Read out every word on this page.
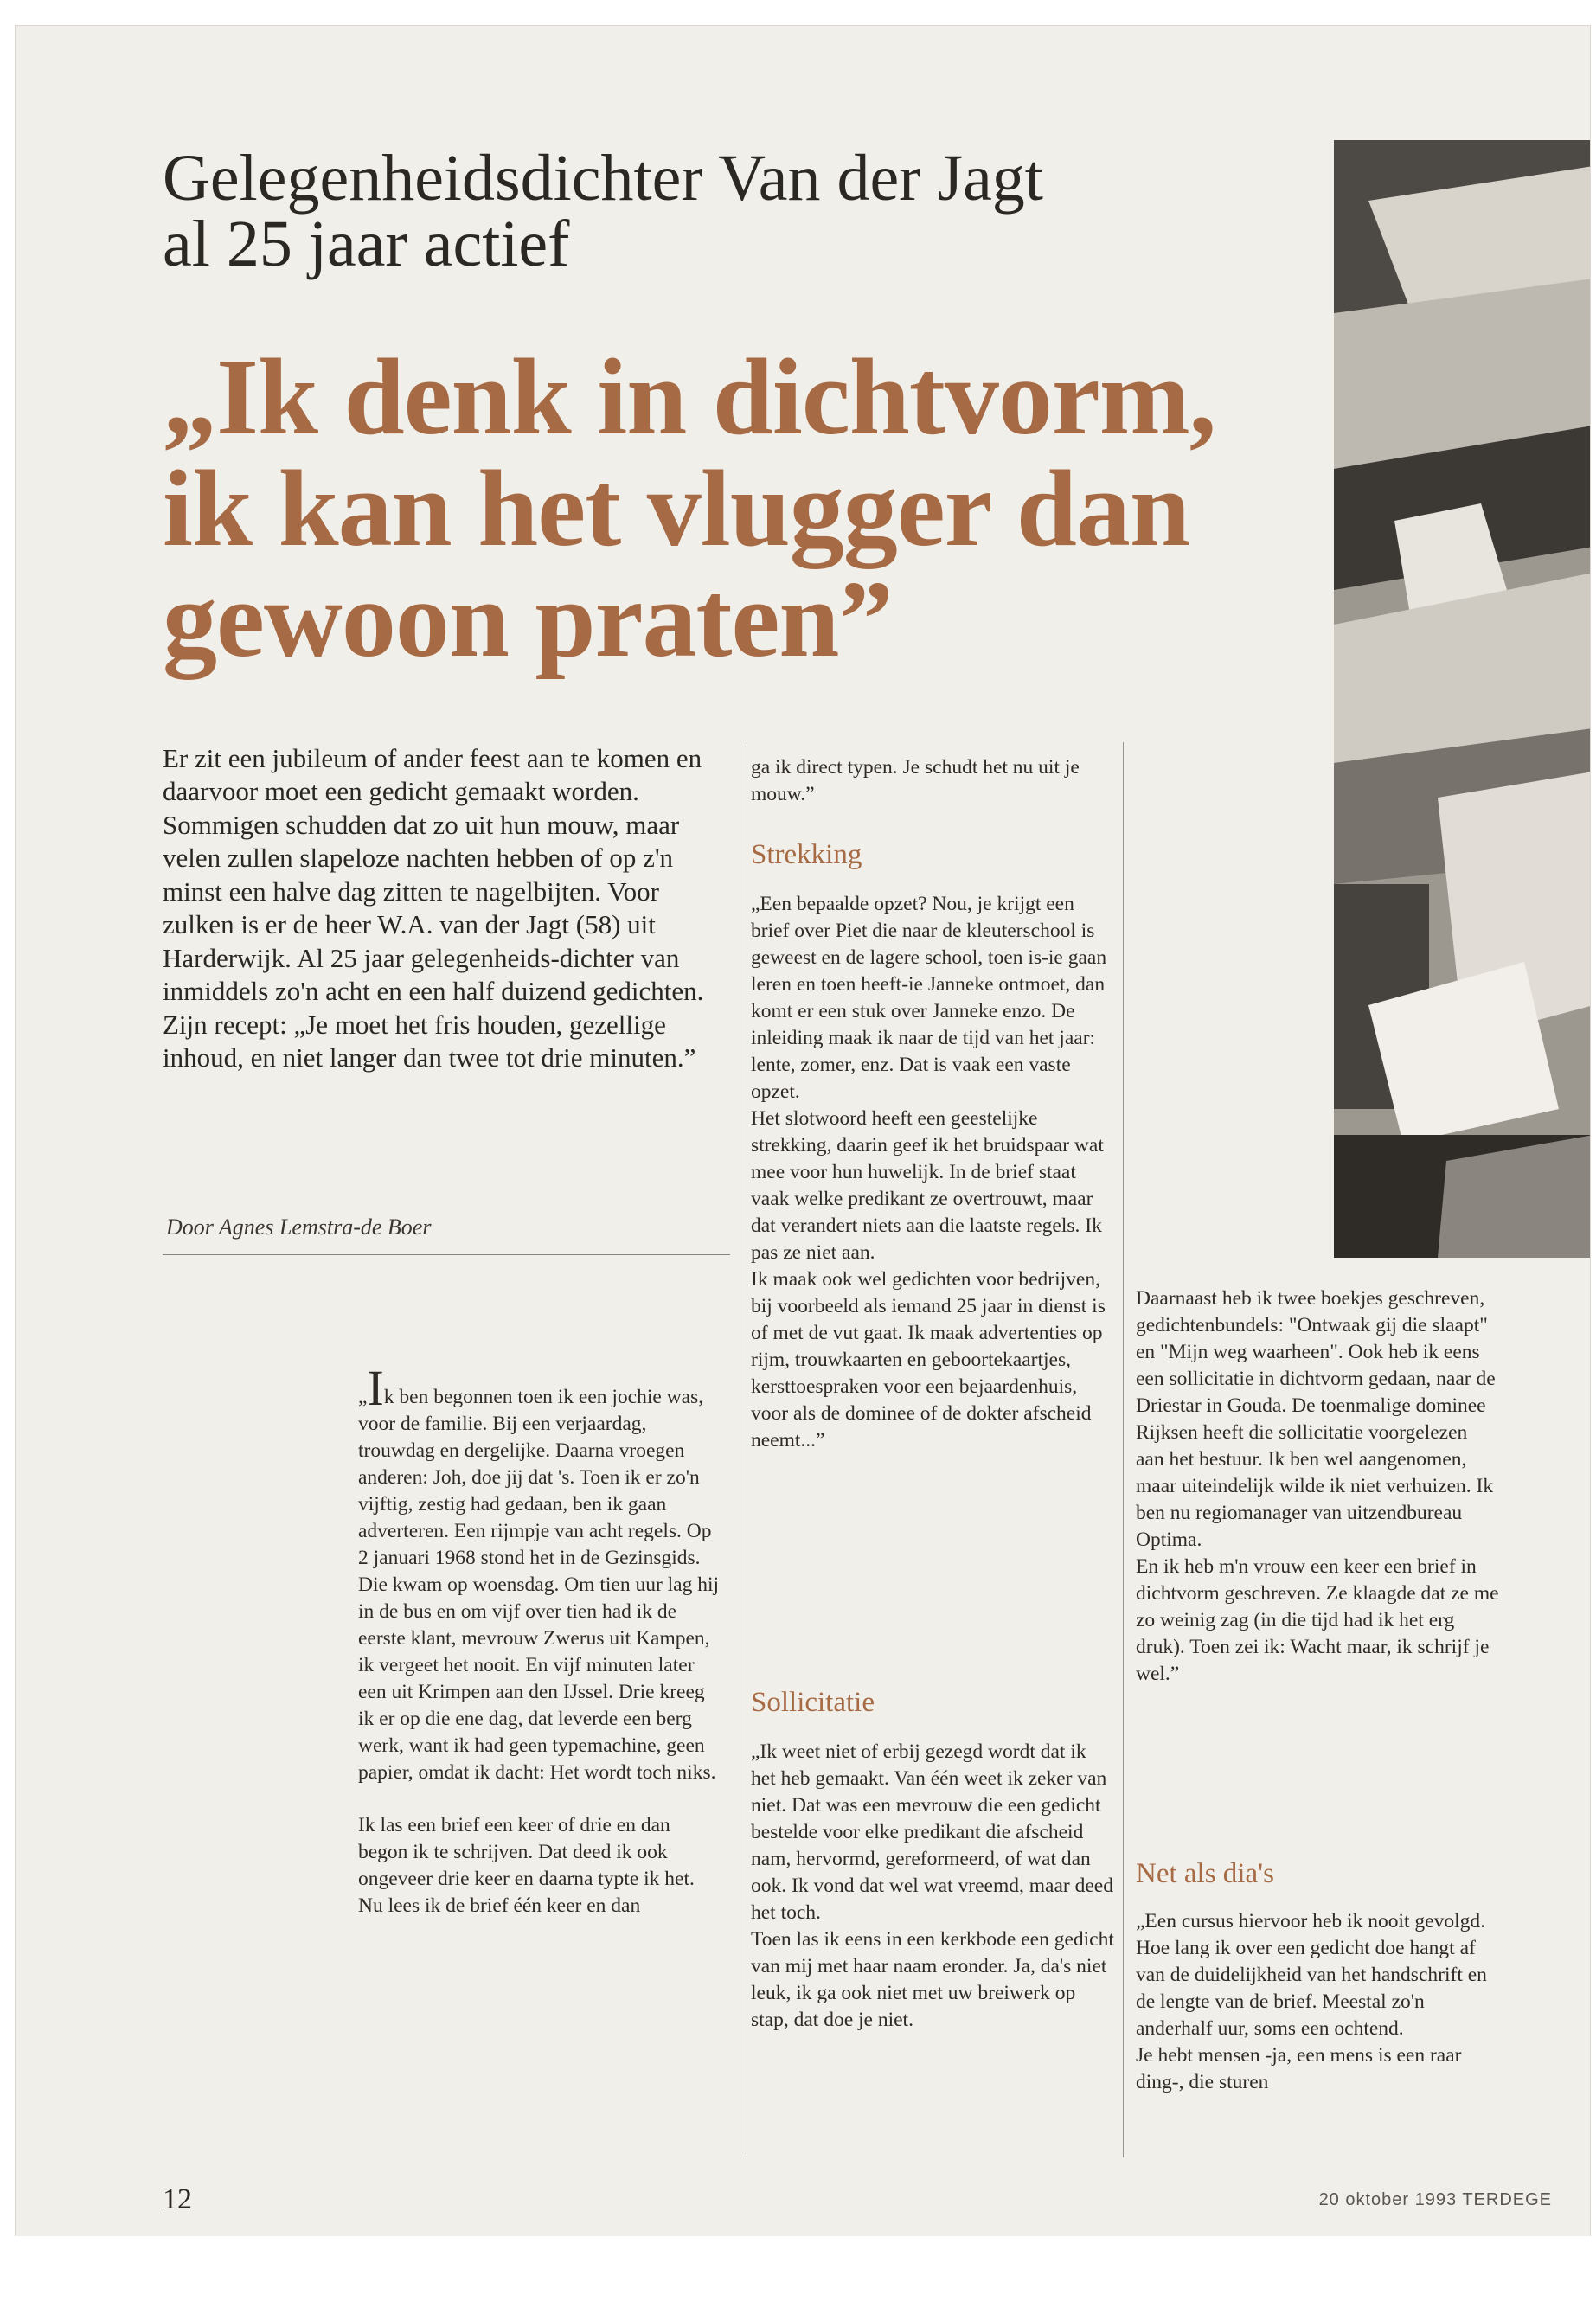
Gelegenheidsdichter Van der Jagt
al 25 jaar actief
„Ik denk in dichtvorm,
ik kan het vlugger dan
gewoon praten”

Er zit een jubileum of ander feest aan te komen en daarvoor moet een gedicht gemaakt worden. Sommigen schudden dat zo uit hun mouw, maar velen zullen slapeloze nachten hebben of op z'n minst een halve dag zitten te nagelbijten. Voor zulken is er de heer W.A. van der Jagt (58) uit Harderwijk. Al 25 jaar gelegenheids-dichter van inmiddels zo'n acht en een half duizend gedichten. Zijn recept: „Je moet het fris houden, gezellige inhoud, en niet langer dan twee tot drie minuten.”

Door Agnes Lemstra-de Boer

„Ik ben begonnen toen ik een jochie was, voor de familie. Bij een verjaardag, trouwdag en dergelijke. Daarna vroegen anderen: Joh, doe jij dat 's. Toen ik er zo'n vijftig, zestig had gedaan, ben ik gaan adverteren. Een rijmpje van acht regels. Op 2 januari 1968 stond het in de Gezinsgids. Die kwam op woensdag. Om tien uur lag hij in de bus en om vijf over tien had ik de eerste klant, mevrouw Zwerus uit Kampen, ik vergeet het nooit. En vijf minuten later een uit Krimpen aan den IJssel. Drie kreeg ik er op die ene dag, dat leverde een berg werk, want ik had geen typemachine, geen papier, omdat ik dacht: Het wordt toch niks.

Ik las een brief een keer of drie en dan begon ik te schrijven. Dat deed ik ook ongeveer drie keer en daarna typte ik het. Nu lees ik de brief één keer en dan

ga ik direct typen. Je schudt het nu uit je mouw.”

Strekking

„Een bepaalde opzet? Nou, je krijgt een brief over Piet die naar de kleuterschool is geweest en de lagere school, toen is-ie gaan leren en toen heeft-ie Janneke ontmoet, dan komt er een stuk over Janneke enzo. De inleiding maak ik naar de tijd van het jaar: lente, zomer, enz. Dat is vaak een vaste opzet.

Het slotwoord heeft een geestelijke strekking, daarin geef ik het bruidspaar wat mee voor hun huwelijk. In de brief staat vaak welke predikant ze overtrouwt, maar dat verandert niets aan die laatste regels. Ik pas ze niet aan.

Ik maak ook wel gedichten voor bedrijven, bij voorbeeld als iemand 25 jaar in dienst is of met de vut gaat. Ik maak advertenties op rijm, trouwkaarten en geboortekaartjes, kersttoespraken voor een bejaardenhuis, voor als de dominee of de dokter afscheid neemt...”

Sollicitatie

„Ik weet niet of erbij gezegd wordt dat ik het heb gemaakt. Van één weet ik zeker van niet. Dat was een mevrouw die een gedicht bestelde voor elke predikant die afscheid nam, hervormd, gereformeerd, of wat dan ook. Ik vond dat wel wat vreemd, maar deed het toch.

Toen las ik eens in een kerkbode een gedicht van mij met haar naam eronder. Ja, da's niet leuk, ik ga ook niet met uw breiwerk op stap, dat doe je niet.

Daarnaast heb ik twee boekjes geschreven, gedichtenbundels: "Ontwaak gij die slaapt" en "Mijn weg waarheen". Ook heb ik eens een sollicitatie in dichtvorm gedaan, naar de Driestar in Gouda. De toenmalige dominee Rijksen heeft die sollicitatie voorgelezen aan het bestuur. Ik ben wel aangenomen, maar uiteindelijk wilde ik niet verhuizen. Ik ben nu regiomanager van uitzendbureau Optima.

En ik heb m'n vrouw een keer een brief in dichtvorm geschreven. Ze klaagde dat ze me zo weinig zag (in die tijd had ik het erg druk). Toen zei ik: Wacht maar, ik schrijf je wel.”

Net als dia's

„Een cursus hiervoor heb ik nooit gevolgd. Hoe lang ik over een gedicht doe hangt af van de duidelijkheid van het handschrift en de lengte van de brief. Meestal zo'n anderhalf uur, soms een ochtend.

Je hebt mensen -ja, een mens is een raar ding-, die sturen

12	20 oktober 1993 TERDEGE
